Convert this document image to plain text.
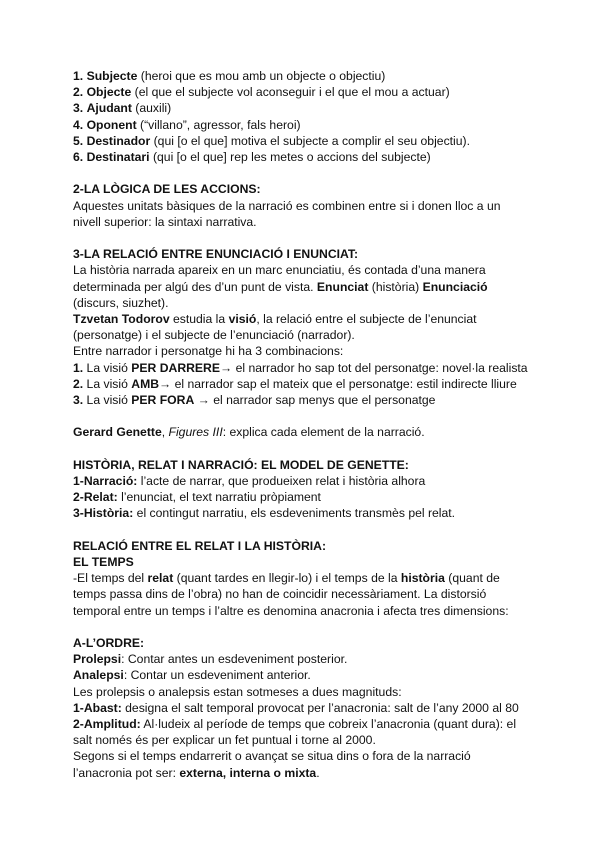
1. Subjecte (heroi que es mou amb un objecte o objectiu)
2. Objecte (el que el subjecte vol aconseguir i el que el mou a actuar)
3. Ajudant (auxili)
4. Oponent (“villano”, agressor, fals heroi)
5. Destinador (qui [o el que] motiva el subjecte a complir el seu objectiu).
6. Destinatari (qui [o el que] rep les metes o accions del subjecte)
2-LA LÒGICA DE LES ACCIONS:
Aquestes unitats bàsiques de la narració es combinen entre si i donen lloc a un
nivell superior: la sintaxi narrativa.
3-LA RELACIÓ ENTRE ENUNCIACIÓ I ENUNCIAT:
La història narrada apareix en un marc enunciatiu, és contada d’una manera
determinada per algú des d’un punt de vista. Enunciat (història) Enunciació
(discurs, siuzhet).
Tzvetan Todorov estudia la visió, la relació entre el subjecte de l’enunciat
(personatge) i el subjecte de l’enunciació (narrador).
Entre narrador i personatge hi ha 3 combinacions:
1. La visió PER DARRERE→ el narrador ho sap tot del personatge: novel·la realista
2. La visió AMB→ el narrador sap el mateix que el personatge: estil indirecte lliure
3. La visió PER FORA → el narrador sap menys que el personatge
Gerard Genette, Figures III: explica cada element de la narració.
HISTÒRIA, RELAT I NARRACIÓ: EL MODEL DE GENETTE:
1-Narració: l’acte de narrar, que produeixen relat i història alhora
2-Relat: l’enunciat, el text narratiu pròpiament
3-Història: el contingut narratiu, els esdeveniments transmès pel relat.
RELACIÓ ENTRE EL RELAT I LA HISTÒRIA:
EL TEMPS
-El temps del relat (quant tardes en llegir-lo) i el temps de la història (quant de
temps passa dins de l’obra) no han de coincidir necessàriament. La distorsió
temporal entre un temps i l’altre es denomina anacronia i afecta tres dimensions:
A-L’ORDRE:
Prolepsi: Contar antes un esdeveniment posterior.
Analepsi: Contar un esdeveniment anterior.
Les prolepsis o analepsis estan sotmeses a dues magnituds:
1-Abast: designa el salt temporal provocat per l’anacronia: salt de l’any 2000 al 80
2-Amplitud: Al·ludeix al període de temps que cobreix l’anacronia (quant dura): el
salt només és per explicar un fet puntual i torne al 2000.
Segons si el temps endarrerit o avançat se situa dins o fora de la narració
l’anacronia pot ser: externa, interna o mixta.
